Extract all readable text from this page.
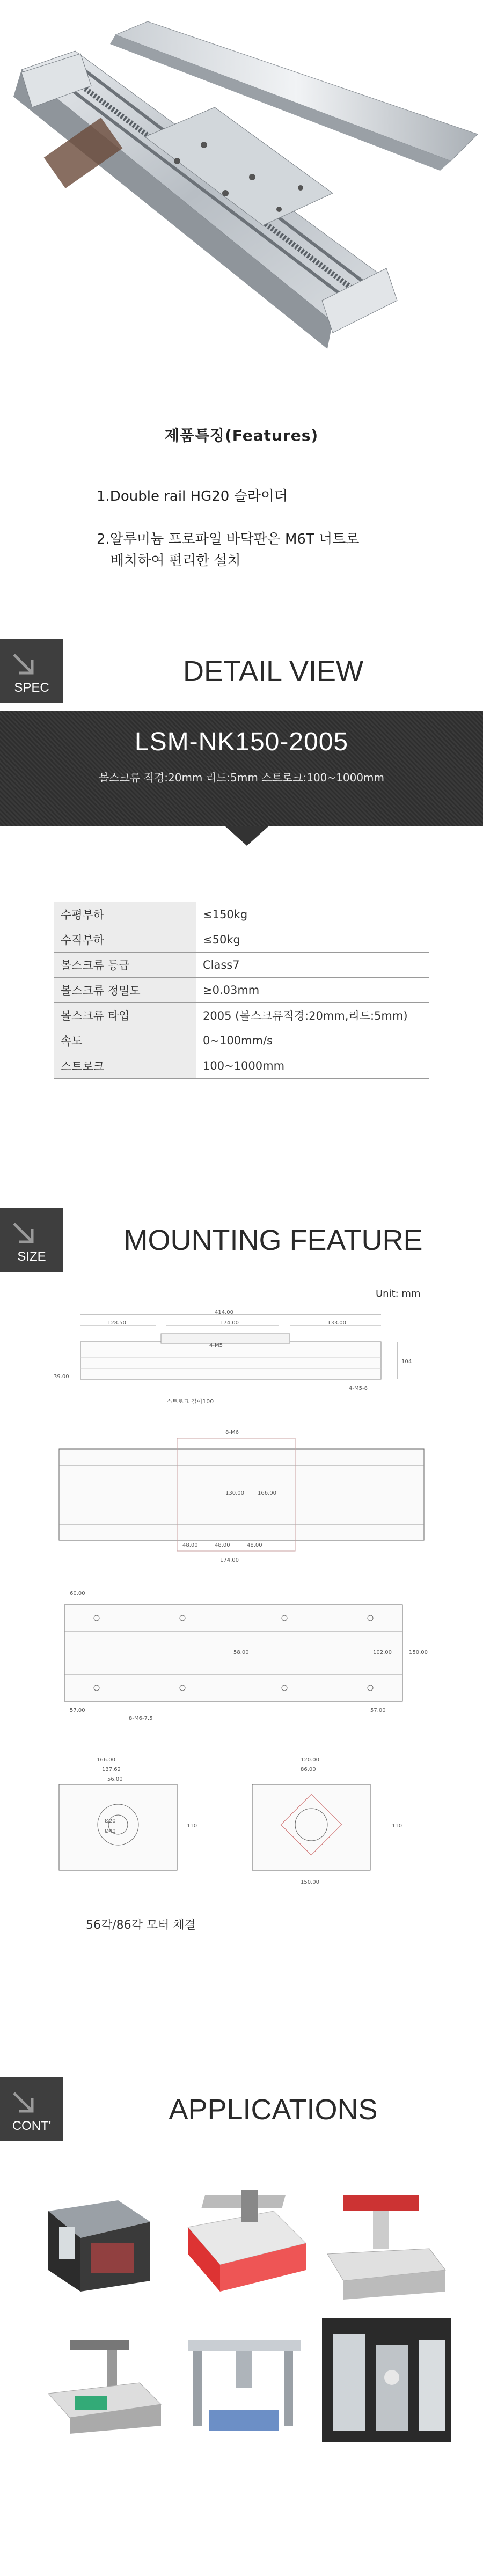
제품특징(Features)
1.Double rail HG20 슬라이더
2.알루미늄 프로파일 바닥판은 M6T 너트로
배치하여 편리한 설치
SPEC
DETAIL VIEW
LSM-NK150-2005
볼스크류 직경:20mm 리드:5mm 스트로크:100~1000mm
수평부하	≤150kg
수직부하	≤50kg
볼스크류 등급	Class7
볼스크류 정밀도	≥0.03mm
볼스크류 타입	2005 (볼스크류직경:20mm,리드:5mm)
속도	0~100mm/s
스트로크	100~1000mm
SIZE
MOUNTING FEATURE
Unit: mm
414.00
128.50	174.00	133.00
4-M5
104
39.00
4-M5-8
스트로크 길이100
8-M6
130.00	166.00
48.00	48.00	48.00
174.00
60.00
58.00	102.00	150.00
57.00	57.00
8-M6-7.5
166.00
137.62
56.00
Ø20
Ø40
110
120.00
86.00
110
150.00
56각/86각 모터 체결
CONT'
APPLICATIONS
